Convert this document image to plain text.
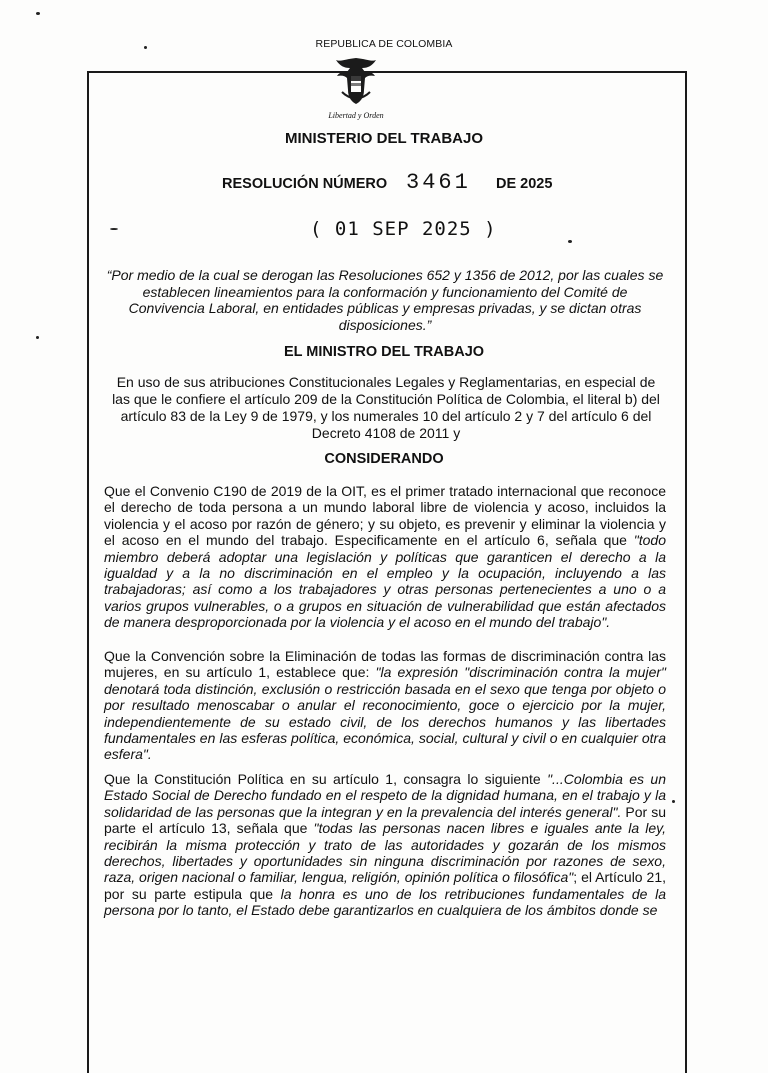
REPUBLICA DE COLOMBIA
Libertad y Orden
MINISTERIO DEL TRABAJO
RESOLUCIÓN NÚMERO 3461 DE 2025
( 01 SEP 2025 )
“Por medio de la cual se derogan las Resoluciones 652 y 1356 de 2012, por las cuales se establecen lineamientos para la conformación y funcionamiento del Comité de Convivencia Laboral, en entidades públicas y empresas privadas, y se dictan otras disposiciones.”
EL MINISTRO DEL TRABAJO
En uso de sus atribuciones Constitucionales Legales y Reglamentarias, en especial de las que le confiere el artículo 209 de la Constitución Política de Colombia, el literal b) del artículo 83 de la Ley 9 de 1979, y los numerales 10 del artículo 2 y 7 del artículo 6 del Decreto 4108 de 2011 y
CONSIDERANDO
Que el Convenio C190 de 2019 de la OIT, es el primer tratado internacional que reconoce el derecho de toda persona a un mundo laboral libre de violencia y acoso, incluidos la violencia y el acoso por razón de género; y su objeto, es prevenir y eliminar la violencia y el acoso en el mundo del trabajo. Especificamente en el artículo 6, señala que "todo miembro deberá adoptar una legislación y políticas que garanticen el derecho a la igualdad y a la no discriminación en el empleo y la ocupación, incluyendo a las trabajadoras; así como a los trabajadores y otras personas pertenecientes a uno o a varios grupos vulnerables, o a grupos en situación de vulnerabilidad que están afectados de manera desproporcionada por la violencia y el acoso en el mundo del trabajo".
Que la Convención sobre la Eliminación de todas las formas de discriminación contra las mujeres, en su artículo 1, establece que: "la expresión "discriminación contra la mujer" denotará toda distinción, exclusión o restricción basada en el sexo que tenga por objeto o por resultado menoscabar o anular el reconocimiento, goce o ejercicio por la mujer, independientemente de su estado civil, de los derechos humanos y las libertades fundamentales en las esferas política, económica, social, cultural y civil o en cualquier otra esfera".
Que la Constitución Política en su artículo 1, consagra lo siguiente "...Colombia es un Estado Social de Derecho fundado en el respeto de la dignidad humana, en el trabajo y la solidaridad de las personas que la integran y en la prevalencia del interés general". Por su parte el artículo 13, señala que "todas las personas nacen libres e iguales ante la ley, recibirán la misma protección y trato de las autoridades y gozarán de los mismos derechos, libertades y oportunidades sin ninguna discriminación por razones de sexo, raza, origen nacional o familiar, lengua, religión, opinión política o filosófica"; el Artículo 21, por su parte estipula que la honra es uno de los retribuciones fundamentales de la persona por lo tanto, el Estado debe garantizarlos en cualquiera de los ámbitos donde se
